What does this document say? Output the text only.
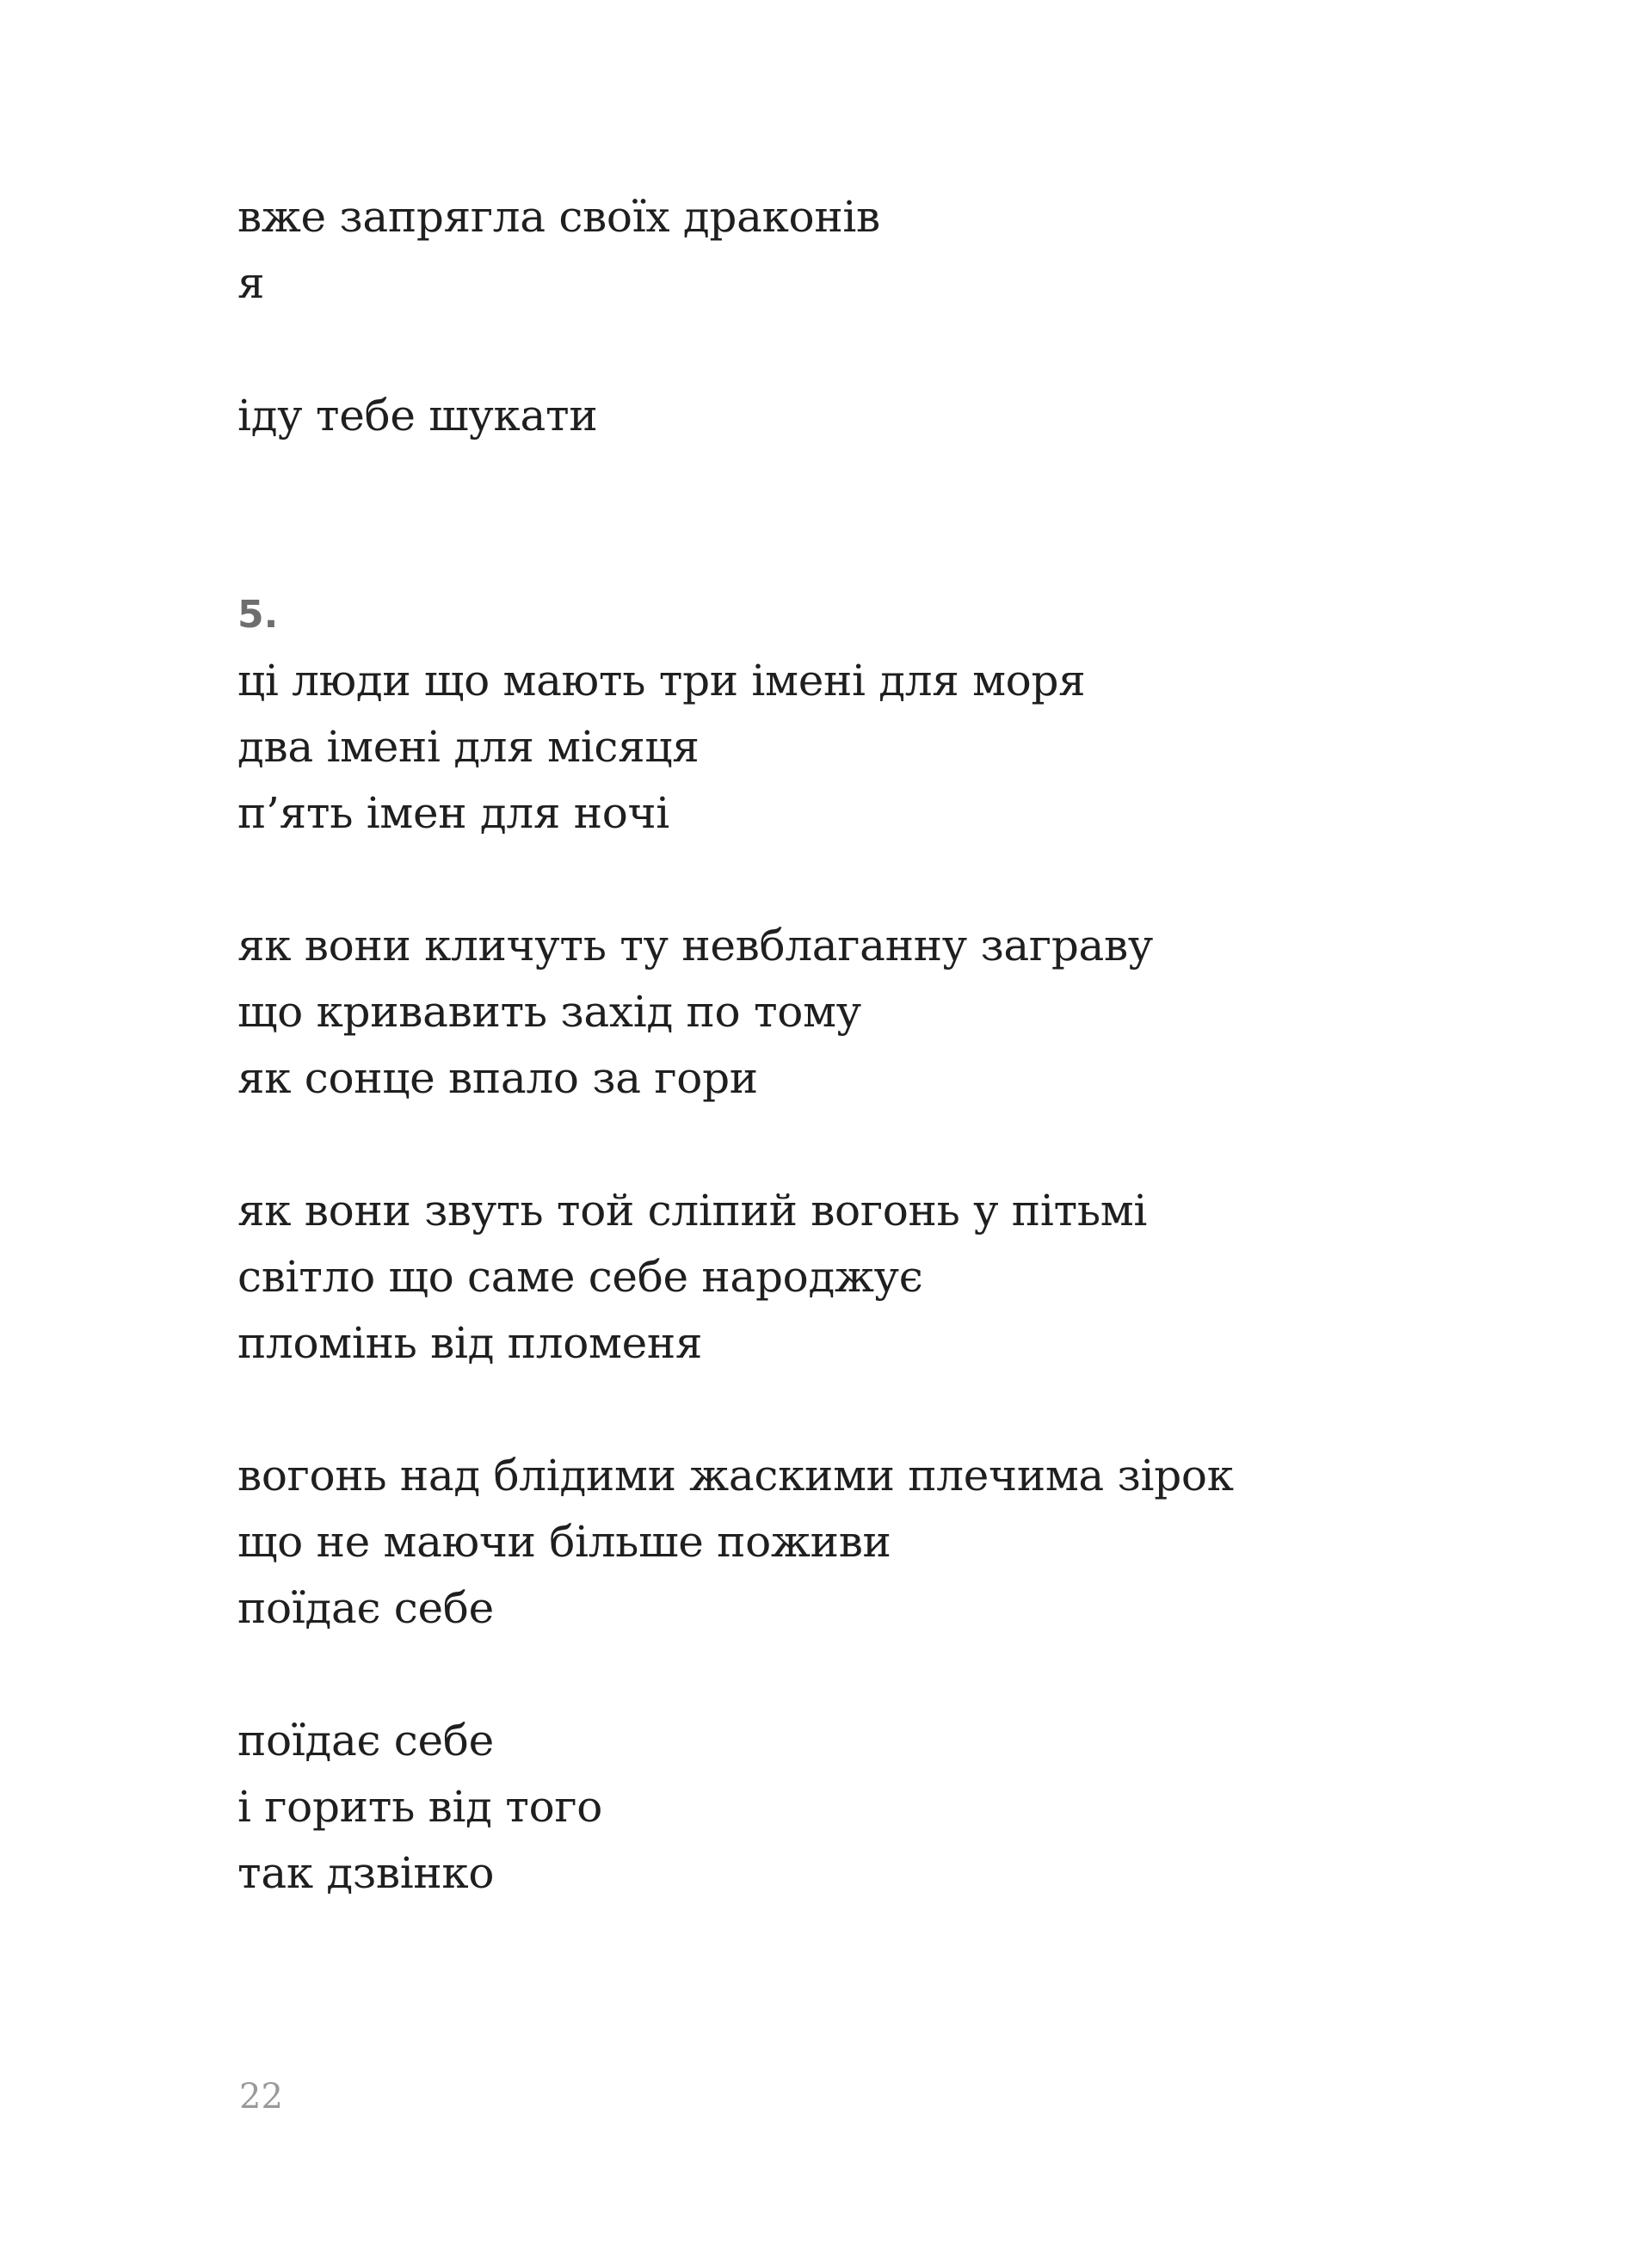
вже запрягла своїх драконів
я
іду тебе шукати
5.
ці люди що мають три імені для моря
два імені для місяця
п’ять імен для ночі
як вони кличуть ту невблаганну заграву
що кривавить захід по тому
як сонце впало за гори
як вони звуть той сліпий вогонь у пітьмі
світло що саме себе народжує
пломінь від пломеня
вогонь над блідими жаскими плечима зірок
що не маючи більше поживи
поїдає себе
поїдає себе
і горить від того
так дзвінко
22
